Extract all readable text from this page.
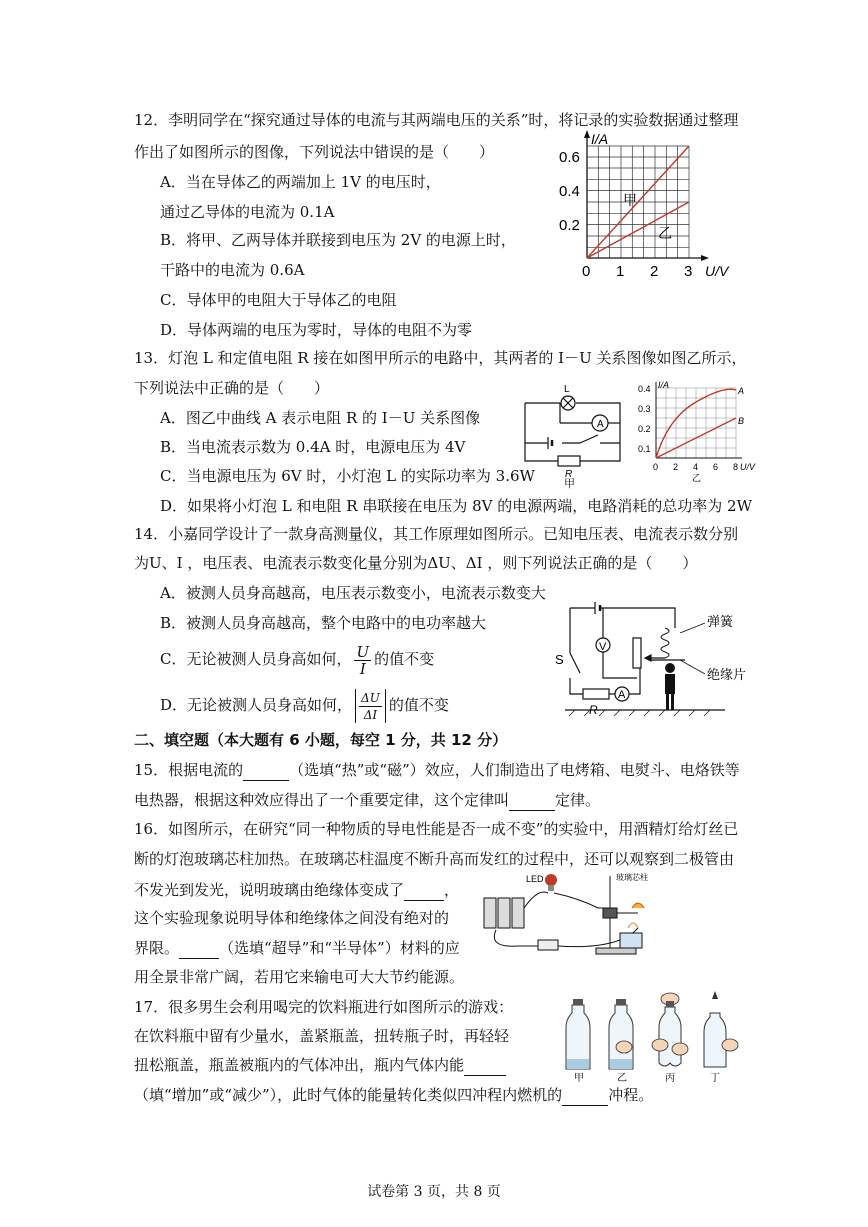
12．李明同学在“探究通过导体的电流与其两端电压的关系”时，将记录的实验数据通过整理
作出了如图所示的图像，下列说法中错误的是（　　）
A．当在导体乙的两端加上 1V 的电压时，
通过乙导体的电流为 0.1A
B．将甲、乙两导体并联接到电压为 2V 的电源上时，
干路中的电流为 0.6A
C．导体甲的电阻大于导体乙的电阻
D．导体两端的电压为零时，导体的电阻不为零
I/A
0.6
0.4
0.2
0 1 2 3 U/V
甲
乙
13．灯泡 L 和定值电阻 R 接在如图甲所示的电路中，其两者的 I－U 关系图像如图乙所示，
下列说法中正确的是（　　）
A．图乙中曲线 A 表示电阻 R 的 I－U 关系图像
B．当电流表示数为 0.4A 时，电源电压为 4V
C．当电源电压为 6V 时，小灯泡 L 的实际功率为 3.6W
D．如果将小灯泡 L 和电阻 R 串联接在电压为 8V 的电源两端，电路消耗的总功率为 2W
L
A
R
甲
I/A
0.4
0.3
0.2
0.1
0 2 4 6 8 U/V
A
B
乙
14．小嘉同学设计了一款身高测量仪，其工作原理如图所示。已知电压表、电流表示数分别
为U、I ，电压表、电流表示数变化量分别为ΔU、ΔI ，则下列说法正确的是（　　）
A．被测人员身高越高，电压表示数变小，电流表示数变大
B．被测人员身高越高，整个电路中的电功率越大
C．无论被测人员身高如何， $\frac{U}{I}$ 的值不变
D．无论被测人员身高如何， $\frac{\Delta U}{\Delta I}$ 的值不变
弹簧
绝缘片
S
V
A
R
二、填空题（本大题有 6 小题，每空 1 分，共 12 分）
15．根据电流的	（选填“热”或“磁”）效应，人们制造出了电烤箱、电熨斗、电烙铁等
电热器，根据这种效应得出了一个重要定律，这个定律叫	定律。
16．如图所示，在研究“同一种物质的导电性能是否一成不变”的实验中，用酒精灯给灯丝已
断的灯泡玻璃芯柱加热。在玻璃芯柱温度不断升高而发红的过程中，还可以观察到二极管由
不发光到发光，说明玻璃由绝缘体变成了	，
这个实验现象说明导体和绝缘体之间没有绝对的
界限。	（选填“超导”和“半导体”）材料的应
用全景非常广阔，若用它来输电可大大节约能源。
LED	玻璃芯柱
17．很多男生会利用喝完的饮料瓶进行如图所示的游戏：
在饮料瓶中留有少量水，盖紧瓶盖，扭转瓶子时，再轻轻
扭松瓶盖，瓶盖被瓶内的气体冲出，瓶内气体内能
（填“增加”或“减少”），此时气体的能量转化类似四冲程内燃机的	冲程。
甲	乙	丙	丁
试卷第 3 页，共 8 页
